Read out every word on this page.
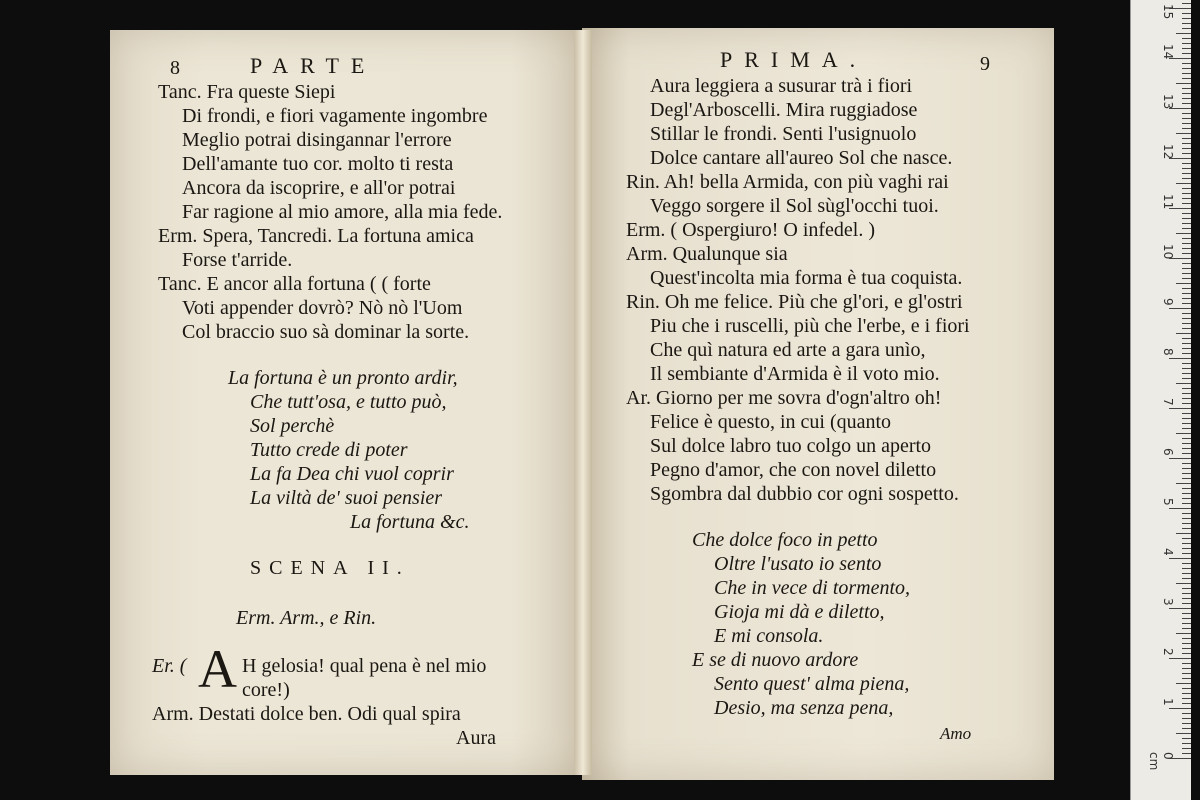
8	PARTE
Tanc. Fra queste Siepi
Di frondi, e fiori vagamente ingombre
Meglio potrai disingannar l'errore
Dell'amante tuo cor. molto ti resta
Ancora da iscoprire, e all'or potrai
Far ragione al mio amore, alla mia fede.
Erm. Spera, Tancredi. La fortuna amica
Forse t'arride.
Tanc. E ancor alla fortuna ( ( forte
Voti appender dovrò? Nò nò l'Uom
Col braccio suo sà dominar la sorte.
La fortuna è un pronto ardir,
Che tutt'osa, e tutto può,
Sol perchè
Tutto crede di poter
La fa Dea chi vuol coprir
La viltà de' suoi pensier
La fortuna &c.
SCENA II.
Erm. Arm., e Rin.
Er. ( A H gelosia! qual pena è nel mio
core!)
Arm. Destati dolce ben. Odi qual spira
Aura
PRIMA.	9
Aura leggiera a susurar trà i fiori
Degl'Arboscelli. Mira ruggiadose
Stillar le frondi. Senti l'usignuolo
Dolce cantare all'aureo Sol che nasce.
Rin. Ah! bella Armida, con più vaghi rai
Veggo sorgere il Sol sùgl'occhi tuoi.
Erm. ( Ospergiuro! O infedel. )
Arm. Qualunque sia
Quest'incolta mia forma è tua coquista.
Rin. Oh me felice. Più che gl'ori, e gl'ostri
Piu che i ruscelli, più che l'erbe, e i fiori
Che quì natura ed arte a gara unìo,
Il sembiante d'Armida è il voto mio.
Ar. Giorno per me sovra d'ogn'altro oh!
Felice è questo, in cui (quanto
Sul dolce labro tuo colgo un aperto
Pegno d'amor, che con novel diletto
Sgombra dal dubbio cor ogni sospetto.
Che dolce foco in petto
Oltre l'usato io sento
Che in vece di tormento,
Gioja mi dà e diletto,
E mi consola.
E se di nuovo ardore
Sento quest' alma piena,
Desio, ma senza pena,
Amo
0 cm
1
2
3
4
5
6
7
8
9
10
11
12
13
14
15
